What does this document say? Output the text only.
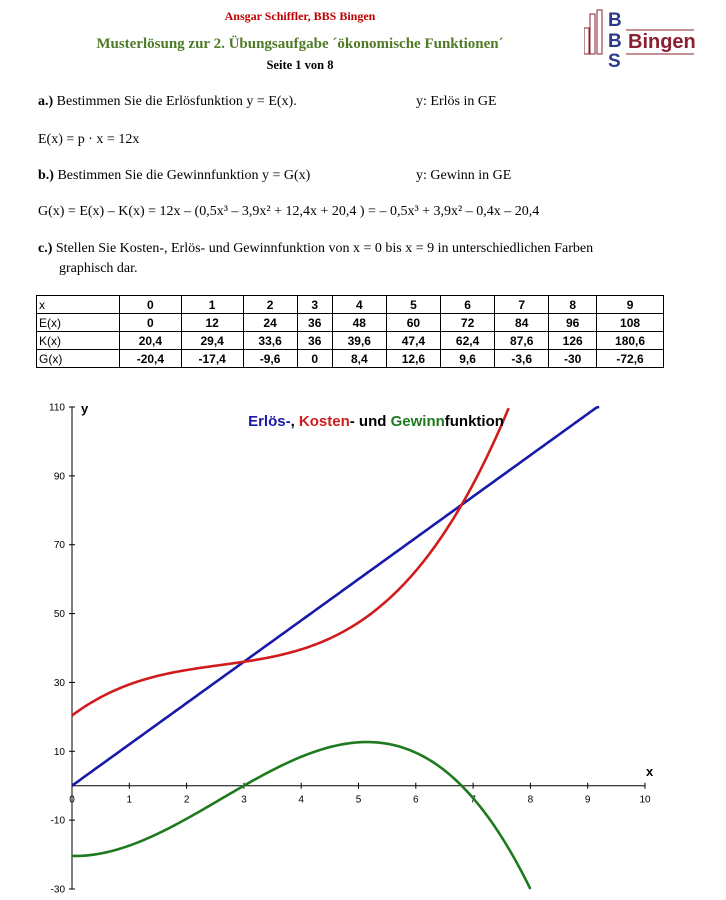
Ansgar Schiffler, BBS Bingen
Musterlösung zur 2. Übungsaufgabe ´ökonomische Funktionen´
Seite 1 von 8
B
B
S
Bingen
a.) Bestimmen Sie die Erlösfunktion y = E(x).	y: Erlös in GE
E(x) = p · x = 12x
b.) Bestimmen Sie die Gewinnfunktion y = G(x)	y: Gewinn in GE
G(x) = E(x) – K(x) = 12x – (0,5x³ – 3,9x² + 12,4x + 20,4 ) = – 0,5x³ + 3,9x² – 0,4x – 20,4
c.) Stellen Sie Kosten-, Erlös- und Gewinnfunktion von x = 0 bis x = 9 in unterschiedlichen Farben
graphisch dar.
x	0	1	2	3	4	5	6	7	8	9
E(x)	0	12	24	36	48	60	72	84	96	108
K(x)	20,4	29,4	33,6	36	39,6	47,4	62,4	87,6	126	180,6
G(x)	-20,4	-17,4	-9,6	0	8,4	12,6	9,6	-3,6	-30	-72,6
0	1	2	3	4	5	6	7	8	9	10
-30
-10
10
30
50
70
90
110
Erlös-, Kosten- und Gewinnfunktion
x
y
